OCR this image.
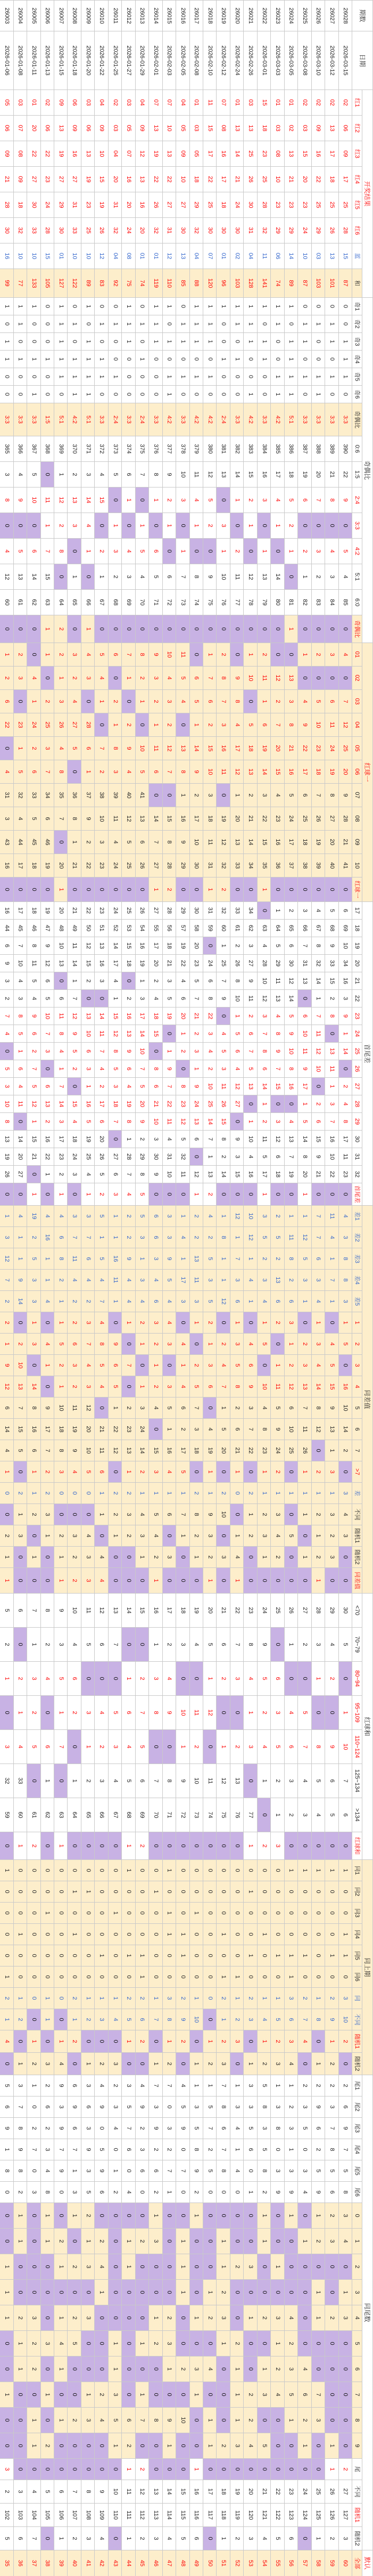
期数
日期
开奖结果
奇偶比
红球一
首尾差
同差值
红球和
同上期
同尾数
默认
红1
红2
红3
红4
红5
红6
蓝
和
奇1
奇2
奇3
奇4
奇5
奇6
奇偶比
0:6
1:5
2:4
3:3
4:2
5:1
6:0
奇偶比
01
02
03
04
05
06
07
08
09
10
红球一
17
18
19
20
21
22
23
24
25
26
27
28
29
30
31
32
首尾差
差1
差2
差3
差4
差5
1
2
3
4
5
6
7
>7
差
不同
随机1
随机2
同差值
<70
70~79
80~94
95~109
110~124
125~134
>134
红球和
同1
同2
同3
同4
同5
同6
同
不同
随机1
随机2
尾1
尾2
尾3
尾4
尾5
尾6
0
1
2
3
4
5
6
7
8
9
尾
不同
随机1
随机2
全部
26003
2026-01-06
05
06
09
21
28
30
16
99
1
0
1
1
0
0
3:3
365
3
8
0
4
12
60
0
1
2
6
22
0
4
31
3
43
16
0
16
44
6
9
3
2
7
4
0
5
3
10
8
13
19
26
0
1
3
12
7
2
2
1
9
12
6
14
4
1
0
0
2
1
1
5
2
1
0
3
32
59
0
1
0
0
0
0
1
2
1
4
0
5
6
9
1
8
0
0
0
1
1
1
0
0
1
0
0
3
2
102
5
35
26004
2026-01-08
03
07
08
09
18
32
10
77
1
1
0
1
0
0
3:3
366
4
9
0
5
13
61
0
2
3
0
23
1
5
32
4
44
17
0
17
45
7
10
4
3
8
5
1
6
4
11
0
14
20
27
0
4
1
1
9
14
0
2
10
13
7
15
5
0
2
1
3
0
0
6
0
2
1
4
33
60
1
0
0
0
1
0
0
1
2
0
1
3
7
8
9
8
2
1
1
0
0
2
1
1
0
0
0
0
3
103
6
36
26005
2026-01-11
01
20
22
27
30
33
10
133
1
0
0
1
0
1
3:3
367
5
10
0
6
14
62
0
0
4
1
24
2
6
33
5
45
18
0
18
46
8
11
5
4
9
6
2
7
5
12
1
15
21
0
1
19
2
5
3
3
1
3
0
14
8
16
6
1
1
2
0
1
0
7
1
3
2
5
0
61
2
0
0
0
0
0
0
0
0
1
2
1
0
2
7
0
3
0
0
0
0
3
2
2
0
1
1
0
4
104
7
37
26006
2026-01-13
02
06
22
23
24
28
15
105
0
0
0
1
0
0
1:5
368
0
11
1
7
15
63
1
1
0
2
25
3
7
34
6
46
19
0
19
47
9
12
6
5
10
7
3
0
6
13
2
16
22
1
0
4
16
1
1
4
0
4
1
0
9
17
7
2
2
3
1
0
0
8
2
4
0
6
1
62
0
0
0
1
0
0
0
1
1
0
3
2
6
2
3
4
8
1
1
0
0
0
3
0
1
0
2
0
5
105
0
38
26007
2026-01-15
09
13
19
27
29
30
01
127
1
1
1
1
1
0
5:1
369
1
12
2
8
0
64
2
2
1
3
26
4
8
35
7
0
20
1
20
48
10
13
0
6
11
8
4
1
7
14
3
17
23
2
1
4
6
8
2
1
1
5
2
1
10
18
8
3
0
0
2
1
1
9
3
5
1
7
0
63
1
0
0
0
0
0
0
0
0
1
4
9
3
9
7
9
0
0
2
1
0
1
4
1
0
1
0
0
6
106
1
39
26008
2026-01-18
06
09
16
27
31
33
10
122
0
1
0
1
1
1
4:2
370
2
13
3
0
1
65
0
3
2
4
27
5
0
36
8
1
21
0
21
49
11
14
1
7
12
9
5
2
0
15
4
18
24
3
0
3
7
11
4
2
2
6
3
2
11
19
9
4
0
0
3
2
2
10
4
6
2
0
1
64
0
0
1
0
1
0
0
2
1
2
0
6
9
6
7
1
3
1
0
2
0
2
5
0
0
2
0
0
7
107
2
40
26009
2026-01-20
03
06
13
19
23
25
10
89
1
0
1
1
1
1
5:1
371
3
14
4
1
0
66
1
4
3
0
28
6
1
37
9
2
22
0
22
50
12
15
2
0
13
10
6
3
1
16
5
19
25
4
1
3
7
6
4
2
3
7
4
3
12
20
10
5
0
0
4
3
3
11
5
0
3
1
2
65
0
0
1
0
0
0
0
1
2
0
1
3
6
3
9
3
5
2
1
3
0
3
0
0
1
3
0
0
8
108
3
41
26010
2026-01-22
04
09
10
15
19
26
12
83
0
1
0
1
1
0
3:3
372
4
15
0
2
1
67
0
5
4
1
0
7
2
38
10
3
23
0
23
51
13
16
3
0
14
11
7
4
2
17
6
20
26
5
2
5
1
5
4
7
4
8
5
4
0
21
11
6
1
1
0
4
4
12
6
0
4
2
3
66
0
0
0
0
0
1
0
1
3
0
2
4
9
0
5
9
6
0
2
4
1
0
0
0
2
4
0
0
9
109
4
42
26011
2026-01-25
02
03
04
20
31
32
04
92
0
1
0
0
1
0
2:4
373
5
0
1
3
2
68
0
6
0
2
1
8
3
39
11
4
24
0
24
52
14
17
4
1
15
12
8
5
3
18
7
0
27
6
3
1
1
16
11
1
0
9
6
5
1
22
12
0
2
2
1
0
0
13
7
0
5
3
4
67
0
0
0
1
0
0
0
1
4
0
3
2
3
4
0
1
2
0
0
0
0
0
1
1
3
5
1
0
10
110
0
43
26012
2026-01-27
03
05
07
16
20
24
08
75
1
1
1
0
0
0
3:3
374
6
1
0
4
3
69
0
7
1
0
2
9
4
40
12
5
25
0
25
53
15
18
0
2
16
13
9
6
4
19
8
1
28
7
4
2
2
9
4
4
1
0
7
0
2
23
13
1
2
3
2
0
0
14
0
1
6
4
5
68
1
1
0
0
0
1
0
2
5
1
0
3
5
7
6
0
4
0
1
1
0
0
0
0
0
6
2
1
11
111
1
44
26013
2026-01-29
04
09
12
13
16
20
01
74
0
1
0
1
0
0
2:4
375
7
0
1
5
4
70
0
8
2
1
0
10
5
41
13
6
26
0
26
54
16
19
1
3
17
14
10
7
5
20
9
2
29
8
5
5
3
1
3
4
2
1
0
1
3
24
14
2
1
4
3
1
0
15
0
2
7
5
6
69
2
0
0
0
0
1
1
2
6
2
0
4
9
2
3
6
0
0
2
0
0
0
1
0
1
7
0
2
12
112
2
45
26014
2026-02-01
07
13
19
22
26
32
01
119
1
1
1
0
0
0
3:3
376
8
1
0
6
5
71
0
9
3
2
1
11
6
0
14
7
27
1
27
55
17
20
2
4
18
15
0
8
6
21
10
3
30
9
0
6
6
3
4
6
3
2
1
2
4
0
15
3
1
5
4
2
1
16
1
3
8
0
7
70
0
0
1
0
0
0
0
1
7
0
1
7
3
9
2
6
2
1
3
0
0
1
2
0
0
8
0
0
13
113
3
46
26015
2026-02-03
07
10
13
22
27
31
12
110
1
0
1
0
1
1
4:2
377
9
2
1
0
6
72
0
10
4
3
2
12
7
0
15
8
28
2
28
56
18
21
3
5
19
0
1
9
7
22
11
4
31
10
0
3
3
9
5
4
4
3
0
3
5
1
16
4
1
6
0
3
0
17
2
4
9
0
8
71
0
1
0
1
1
0
0
3
8
1
2
7
0
3
2
7
1
0
0
0
0
2
3
1
0
9
1
0
14
114
4
47
26016
2026-02-05
04
05
09
10
27
30
13
85
0
1
1
0
1
0
3:3
378
10
3
0
1
7
73
0
11
5
4
0
13
8
1
16
9
29
0
29
57
19
22
4
6
20
1
2
0
8
23
12
5
32
11
0
1
4
1
17
3
0
4
1
4
6
2
17
5
1
7
1
0
0
18
3
0
10
1
9
72
0
0
0
0
1
1
0
2
9
2
0
4
5
9
0
7
0
0
1
1
1
0
0
2
0
10
0
0
15
115
5
48
26017
2026-02-08
01
03
05
18
29
32
04
88
1
1
1
0
1
0
4:2
379
11
4
1
0
8
74
0
0
6
5
1
14
9
2
17
10
30
0
30
58
20
23
5
7
21
2
3
1
9
24
13
6
0
12
1
2
2
13
11
3
1
0
2
5
7
3
18
0
2
8
2
1
0
19
4
0
11
2
10
73
0
0
0
1
0
0
0
1
10
0
1
1
3
5
8
9
2
1
0
0
0
1
0
3
1
0
0
1
16
116
6
49
26018
2026-02-10
11
15
17
22
25
30
07
120
1
1
1
0
1
0
4:2
380
12
5
2
0
9
75
0
1
7
6
2
15
10
3
18
11
31
1
31
59
0
24
6
8
22
3
4
2
10
25
14
7
1
13
2
4
2
5
3
5
2
1
3
6
0
4
19
1
1
9
3
2
1
20
5
1
12
0
11
74
0
0
0
0
0
0
0
0
0
1
2
1
5
7
2
5
0
0
0
0
1
2
0
4
0
1
1
0
17
117
0
50
26019
2026-02-12
07
08
16
17
18
30
01
96
1
0
0
1
0
0
2:4
381
13
0
3
1
10
76
0
2
8
7
3
16
11
0
19
12
32
2
32
60
1
25
7
9
0
4
5
3
11
26
15
8
2
14
0
1
8
1
1
12
0
2
4
7
1
5
20
0
2
10
0
3
0
21
6
2
0
1
12
75
0
0
0
0
1
0
1
2
1
2
3
7
8
6
7
8
0
0
1
1
2
3
1
0
0
0
2
0
18
118
1
51
26020
2026-02-24
01
13
14
21
24
30
02
103
1
1
0
1
0
0
3:3
382
14
1
0
2
11
77
0
0
9
8
4
17
12
1
20
13
33
0
33
61
2
26
8
10
1
5
6
4
12
27
0
9
3
15
0
12
1
7
3
6
1
3
5
8
2
6
21
1
0
0
1
4
1
22
7
3
0
2
13
76
0
0
0
0
0
0
1
1
2
3
0
1
3
4
1
4
0
0
0
2
0
0
2
1
1
1
3
0
19
119
2
52
26021
2026-02-26
03
13
25
26
30
31
04
128
1
1
1
0
0
1
4:2
383
15
2
1
0
12
78
0
1
10
0
5
18
13
2
21
14
34
0
34
62
3
27
9
11
2
6
7
5
13
0
1
10
4
16
0
10
12
1
4
1
0
4
6
9
3
7
22
0
2
1
2
0
0
23
8
4
1
3
0
77
1
0
1
0
0
1
0
2
3
0
1
3
3
5
6
0
1
0
0
3
0
1
0
0
2
2
4
0
20
120
3
53
26022
2026-03-01
15
18
23
25
28
32
11
141
1
0
1
1
0
0
3:3
384
16
3
0
1
13
79
0
2
11
1
6
19
14
3
22
15
35
1
0
63
4
28
10
12
3
7
8
6
14
1
2
11
5
17
1
3
5
2
3
4
1
5
0
10
4
8
23
1
1
2
3
1
0
24
9
5
2
4
1
0
2
0
0
0
1
0
0
1
4
1
2
5
8
3
5
8
2
1
1
0
0
2
0
1
3
0
5
0
21
121
4
54
26023
2026-03-03
01
03
08
10
23
29
06
74
1
1
0
0
1
1
4:2
385
17
4
1
0
14
80
0
0
12
2
7
20
15
4
23
16
36
0
1
64
5
29
11
13
4
8
9
7
15
0
3
12
6
18
0
2
5
2
13
6
2
0
1
11
5
9
24
2
1
3
4
2
0
25
0
6
3
5
2
1
3
0
0
0
0
1
0
1
5
2
3
1
3
8
0
3
9
0
0
1
0
3
1
2
4
0
0
0
22
122
5
55
26024
2026-03-05
01
02
13
21
23
29
14
89
1
0
1
1
1
1
5:1
386
18
5
2
1
0
81
1
0
13
3
8
21
16
5
24
17
37
0
2
65
6
30
12
14
5
9
10
8
16
0
4
13
7
19
0
1
11
8
2
6
3
1
2
12
6
10
25
0
1
0
5
0
0
26
1
0
4
6
3
2
0
1
0
0
0
1
1
3
6
3
4
1
2
3
1
3
9
1
0
0
0
4
2
3
5
1
0
0
23
123
6
56
26025
2026-03-08
02
03
15
20
23
24
10
87
0
1
1
0
1
0
3:3
387
19
6
0
2
1
82
0
1
0
4
9
22
17
6
25
18
38
0
3
66
7
31
13
0
6
10
11
9
17
1
5
14
8
20
1
1
12
5
3
1
0
2
3
13
7
11
26
1
1
1
0
1
0
27
2
0
5
7
4
3
0
1
0
0
0
1
0
2
7
4
0
2
3
5
0
3
4
0
1
0
0
0
0
4
6
2
1
0
24
124
0
57
26026
2026-03-10
02
09
16
22
25
29
03
103
0
1
0
0
1
1
3:3
388
20
7
0
3
2
83
0
2
0
5
10
23
18
7
26
19
39
0
4
67
8
32
14
1
7
11
12
10
0
2
6
15
9
21
0
7
7
6
3
4
1
3
4
14
8
12
0
2
1
2
1
2
1
28
3
1
0
8
5
4
0
1
0
0
0
0
0
1
8
0
1
2
9
6
2
5
9
1
2
0
1
1
0
0
7
3
0
0
25
125
1
58
26027
2026-03-12
02
13
17
18
25
26
13
101
0
1
1
0
1
0
3:3
389
21
8
0
4
3
84
0
3
0
6
11
24
19
8
27
20
40
0
5
68
9
33
15
2
8
0
13
11
1
3
7
16
10
22
0
11
4
1
7
1
0
4
5
15
9
13
1
3
1
3
2
3
0
29
4
2
0
9
6
5
0
1
0
0
0
1
0
2
9
1
2
2
3
7
8
5
6
2
3
0
0
2
0
0
0
0
1
1
26
126
2
59
26028
2026-03-15
02
06
09
17
25
28
15
87
0
0
1
1
1
0
3:3
390
22
9
0
5
4
85
0
4
0
7
12
25
20
9
28
21
41
0
6
69
10
34
16
3
9
1
14
0
2
4
8
17
11
23
0
4
3
8
8
3
1
5
0
16
10
14
2
0
3
4
3
0
0
30
5
0
1
10
7
6
0
1
0
0
1
1
0
3
10
2
0
2
6
9
7
5
8
3
4
0
1
3
0
0
0
0
0
2
27
127
3
60
